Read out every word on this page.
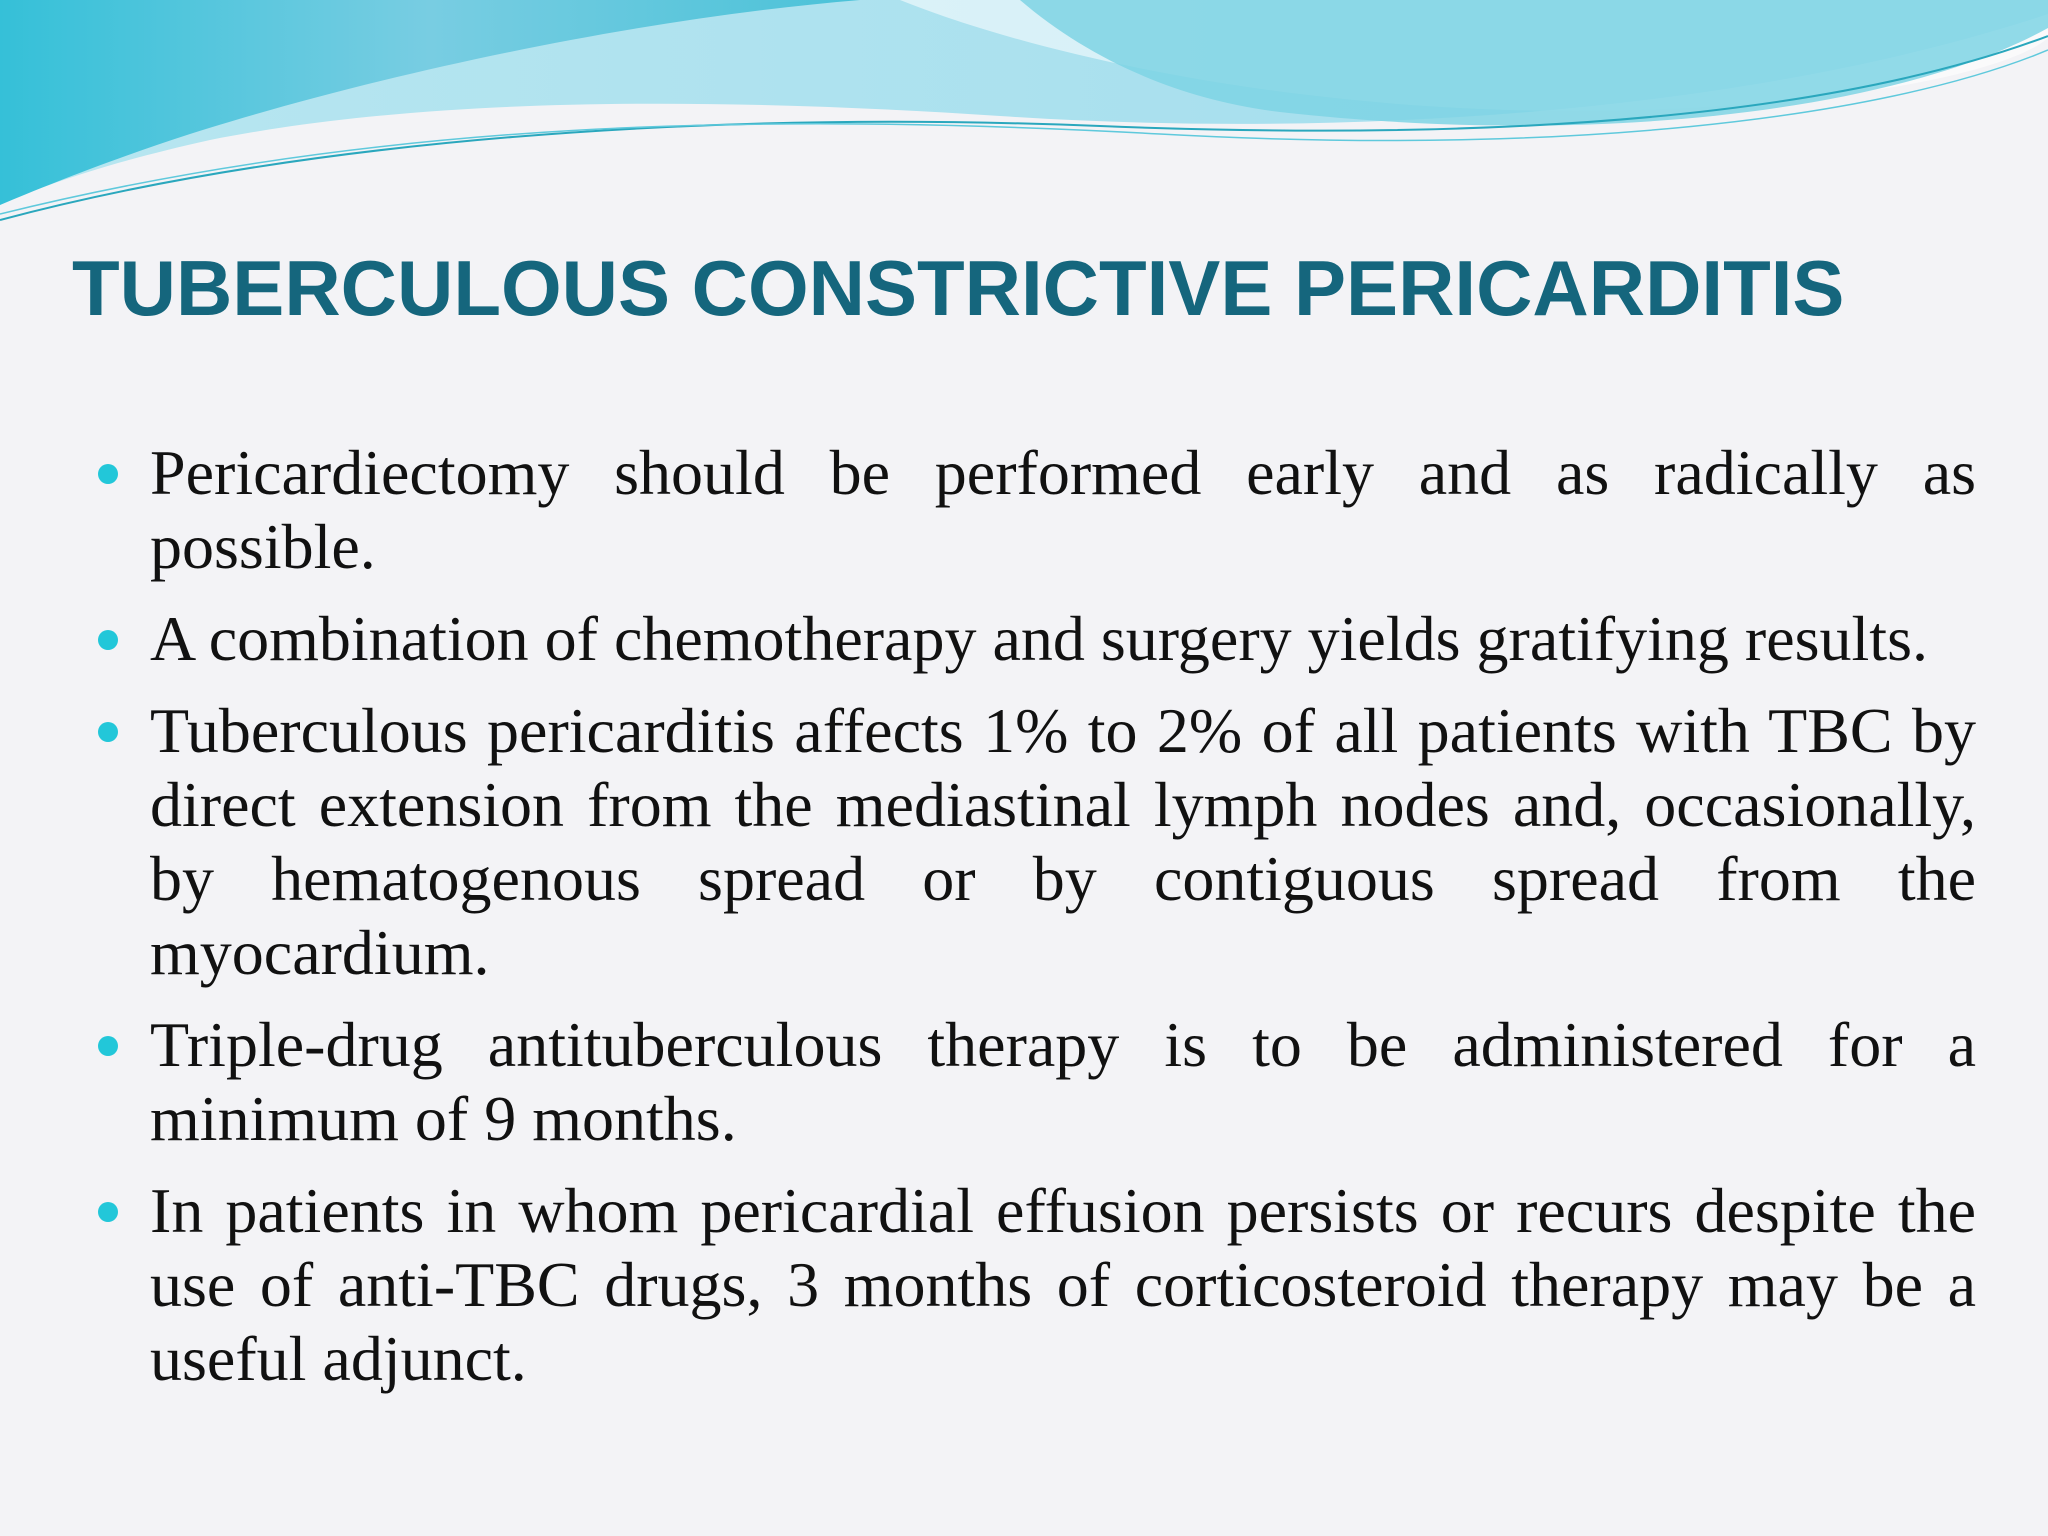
TUBERCULOUS CONSTRICTIVE PERICARDITIS
Pericardiectomy should be performed early and as radically as possible.
A combination of chemotherapy and surgery yields gratifying results.
Tuberculous pericarditis affects 1% to 2% of all patients with TBC by direct extension from the mediastinal lymph nodes and, occasionally, by hematogenous spread or by contiguous spread from the myocardium.
Triple-drug antituberculous therapy is to be administered for a minimum of 9 months.
In patients in whom pericardial effusion persists or recurs despite the use of anti-TBC drugs, 3 months of corticosteroid therapy may be a useful adjunct.
